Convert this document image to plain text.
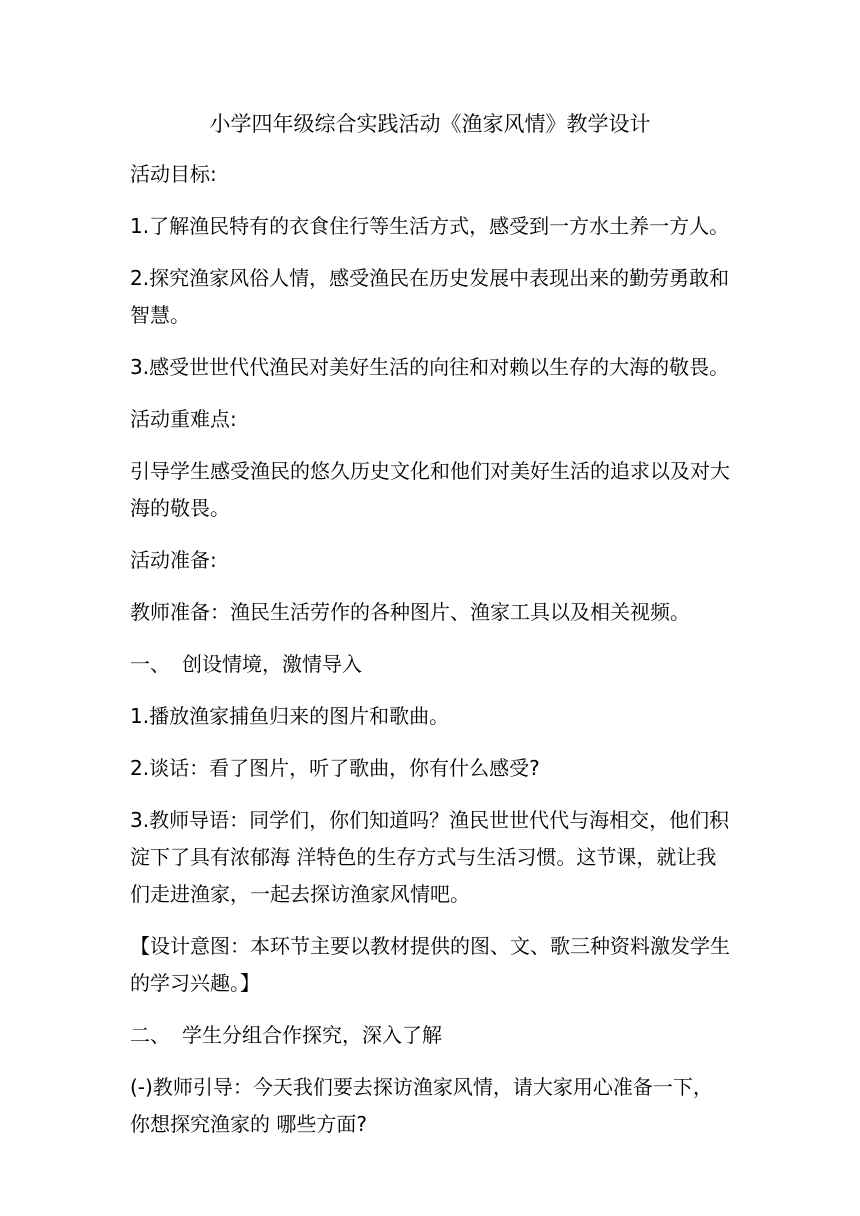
小学四年级综合实践活动《渔家风情》教学设计

活动目标:

1.了解渔民特有的衣食住行等生活方式，感受到一方水土养一方人。

2.探究渔家风俗人情，感受渔民在历史发展中表现出来的勤劳勇敢和智慧。

3.感受世世代代渔民对美好生活的向往和对赖以生存的大海的敬畏。

活动重难点:

引导学生感受渔民的悠久历史文化和他们对美好生活的追求以及对大海的敬畏。

活动准备:

教师准备：渔民生活劳作的各种图片、渔家工具以及相关视频。

一、 创设情境，激情导入

1.播放渔家捕鱼归来的图片和歌曲。

2.谈话：看了图片，听了歌曲，你有什么感受?

3.教师导语：同学们，你们知道吗？渔民世世代代与海相交，他们积淀下了具有浓郁海 洋特色的生存方式与生活习惯。这节课，就让我们走进渔家，一起去探访渔家风情吧。

【设计意图：本环节主要以教材提供的图、文、歌三种资料激发学生的学习兴趣。】

二、 学生分组合作探究，深入了解

(-)教师引导：今天我们要去探访渔家风情，请大家用心准备一下，你想探究渔家的 哪些方面?
